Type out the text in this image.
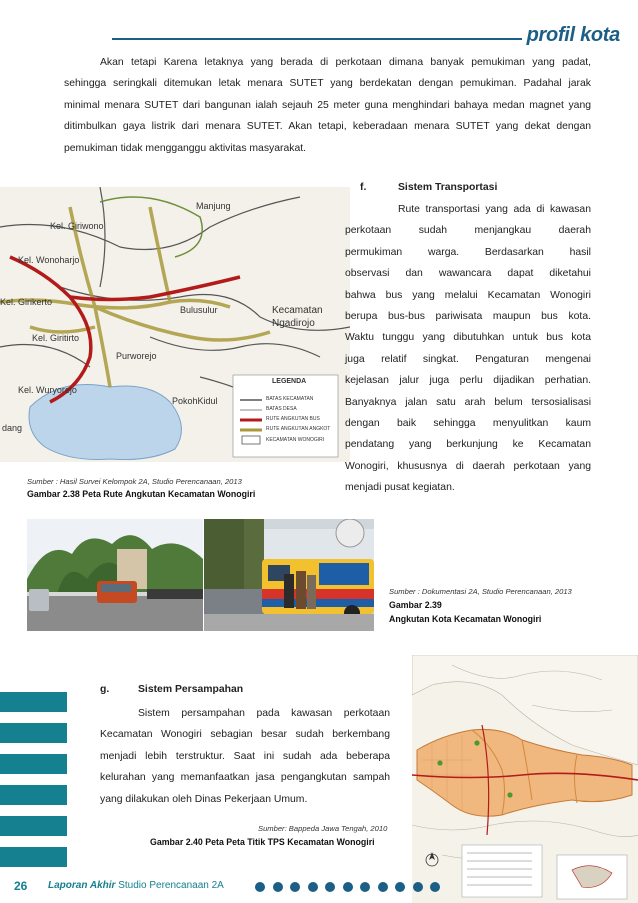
profil kota
Akan tetapi Karena letaknya yang berada di perkotaan dimana banyak pemukiman yang padat,
sehingga seringkali ditemukan letak menara SUTET yang berdekatan dengan pemukiman. Padahal jarak
minimal menara SUTET dari bangunan ialah sejauh 25 meter guna menghindari bahaya medan magnet yang
ditimbulkan gaya listrik dari menara SUTET. Akan tetapi, keberadaan menara SUTET yang dekat dengan
pemukiman tidak mengganggu aktivitas masyarakat.
Manjung
Kel. Giriwono
Kel. Wonoharjo
Kel. Girikerto
Kel. Giritirto
Kel. Wuryorejo
Bulusulur
Purworejo
PokohKidul
Kecamatan
Ngadirojo
dang
LEGENDA
BATAS KECAMATAN
BATAS DESA
RUTE ANGKUTAN BUS
RUTE ANGKUTAN ANGKOT
KECAMATAN WONOGIRI
Sumber : Hasil Survei Kelompok 2A, Studio Perencanaan, 2013
Gambar 2.38 Peta Rute Angkutan Kecamatan Wonogiri
f.	Sistem Transportasi
Rute transportasi yang ada di kawasan
perkotaan sudah menjangkau daerah
permukiman warga. Berdasarkan hasil
observasi dan wawancara dapat diketahui
bahwa bus yang melalui Kecamatan Wonogiri
berupa bus-bus pariwisata maupun bus kota.
Waktu tunggu yang dibutuhkan untuk bus kota
juga relatif singkat. Pengaturan mengenai
kejelasan jalur juga perlu dijadikan perhatian.
Banyaknya jalan satu arah belum tersosialisasi
dengan baik sehingga menyulitkan kaum
pendatang yang berkunjung ke Kecamatan
Wonogiri, khususnya di daerah perkotaan yang
menjadi pusat kegiatan.
Sumber : Dokumentasi 2A, Studio Perencanaan, 2013
Gambar 2.39
Angkutan Kota Kecamatan Wonogiri
g.	Sistem Persampahan
Sistem persampahan pada kawasan perkotaan
Kecamatan Wonogiri sebagian besar sudah berkembang
menjadi lebih terstruktur. Saat ini sudah ada beberapa
kelurahan yang memanfaatkan jasa pengangkutan sampah
yang dilakukan oleh Dinas Pekerjaan Umum.
Sumber: Bappeda Jawa Tengah, 2010
Gambar 2.40 Peta Peta Titik TPS Kecamatan Wonogiri
26 Laporan Akhir Studio Perencanaan 2A
